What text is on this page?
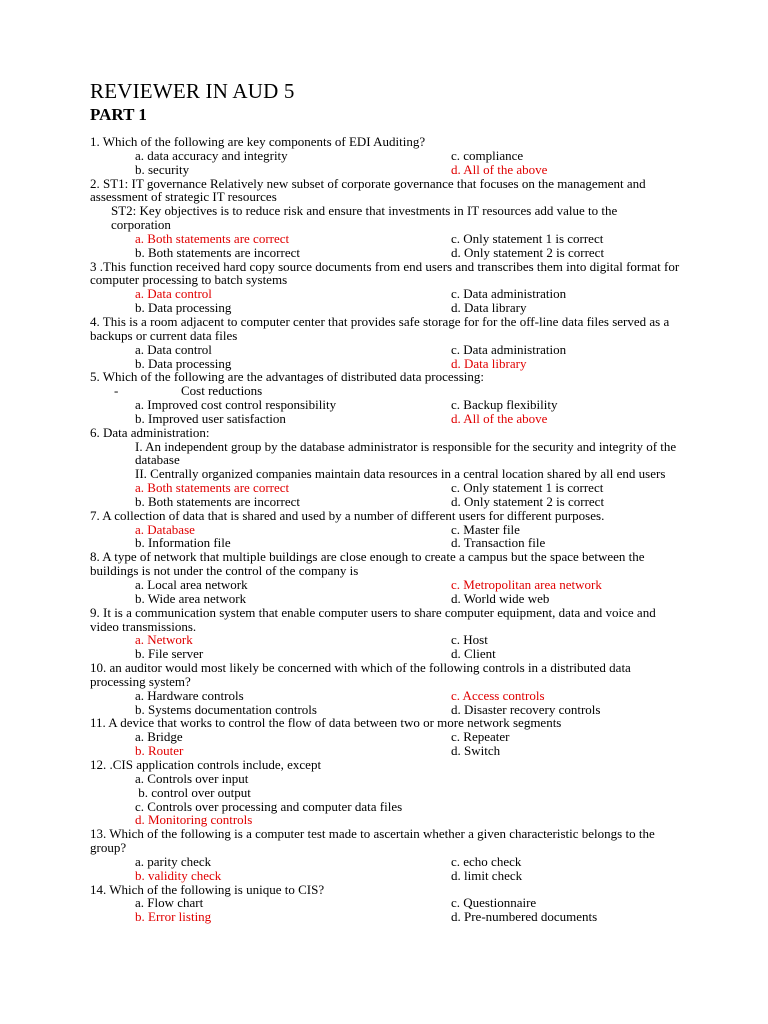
REVIEWER IN AUD 5
PART 1

1. Which of the following are key components of EDI Auditing?

a. data accuracy and integrity	c. compliance
b. security	d. All of the above

2. ST1: IT governance Relatively new subset of corporate governance that focuses on the management and assessment of strategic IT resources

ST2: Key objectives is to reduce risk and ensure that investments in IT resources add value to the corporation

a. Both statements are correct	c. Only statement 1 is correct
b. Both statements are incorrect	d. Only statement 2 is correct

3 .This function received hard copy source documents from end users and transcribes them into digital format for computer processing to batch systems

a. Data control	c. Data administration
b. Data processing	d. Data library

4. This is a room adjacent to computer center that provides safe storage for for the off-line data files served as a backups or current data files

a. Data control	c. Data administration
b. Data processing	d. Data library

5. Which of the following are the advantages of distributed data processing:

-	Cost reductions
a. Improved cost control responsibility	c. Backup flexibility
b. Improved user satisfaction	d. All of the above

6. Data administration:

I. An independent group by the database administrator is responsible for the security and integrity of the database
II. Centrally organized companies maintain data resources in a central location shared by all end users
a. Both statements are correct	c. Only statement 1 is correct
b. Both statements are incorrect	d. Only statement 2 is correct

7. A collection of data that is shared and used by a number of different users for different purposes.

a. Database	c. Master file
b. Information file	d. Transaction file

8. A type of network that multiple buildings are close enough to create a campus but the space between the buildings is not under the control of the company is

a. Local area network	c. Metropolitan area network
b. Wide area network	d. World wide web

9. It is a communication system that enable computer users to share computer equipment, data and voice and video transmissions.

a. Network	c. Host
b. File server	d. Client

10. an auditor would most likely be concerned with which of the following controls in a distributed data processing system?

a. Hardware controls	c. Access controls
b. Systems documentation controls	d. Disaster recovery controls

11. A device that works to control the flow of data between two or more network segments

a. Bridge	c. Repeater
b. Router	d. Switch

12. .CIS application controls include, except

a. Controls over input
b. control over output
c. Controls over processing and computer data files
d. Monitoring controls

13. Which of the following is a computer test made to ascertain whether a given characteristic belongs to the group?

a. parity check	c. echo check
b. validity check	d. limit check

14. Which of the following is unique to CIS?

a. Flow chart	c. Questionnaire
b. Error listing	d. Pre-numbered documents
